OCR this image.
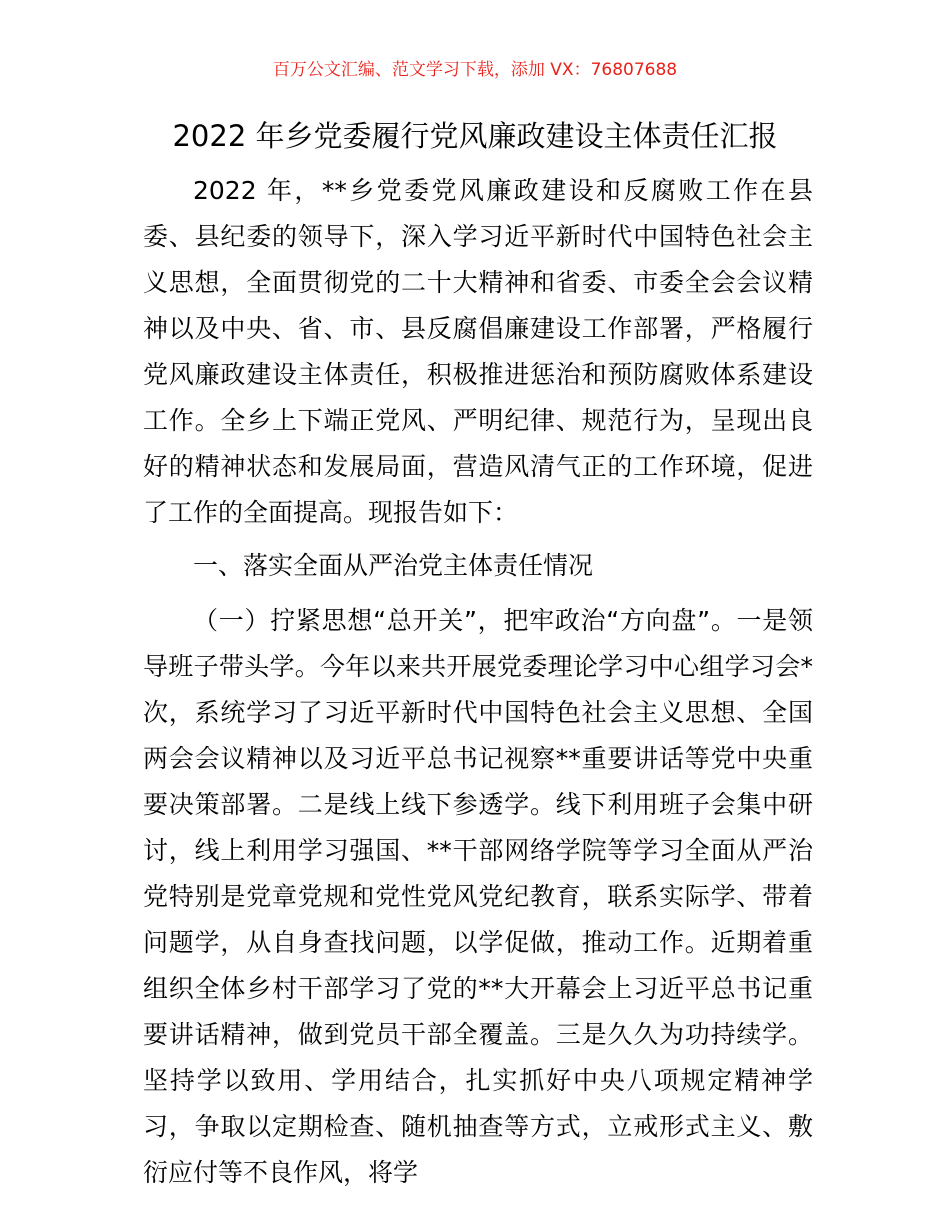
百万公文汇编、范文学习下载，添加 VX：76807688
2022 年乡党委履行党风廉政建设主体责任汇报

2022 年，**乡党委党风廉政建设和反腐败工作在县委、县纪委的领导下，深入学习近平新时代中国特色社会主义思想，全面贯彻党的二十大精神和省委、市委全会会议精神以及中央、省、市、县反腐倡廉建设工作部署，严格履行党风廉政建设主体责任，积极推进惩治和预防腐败体系建设工作。全乡上下端正党风、严明纪律、规范行为，呈现出良好的精神状态和发展局面，营造风清气正的工作环境，促进了工作的全面提高。现报告如下：

一、落实全面从严治党主体责任情况

（一）拧紧思想“总开关”，把牢政治“方向盘”。一是领导班子带头学。今年以来共开展党委理论学习中心组学习会*次，系统学习了习近平新时代中国特色社会主义思想、全国两会会议精神以及习近平总书记视察**重要讲话等党中央重要决策部署。二是线上线下参透学。线下利用班子会集中研讨，线上利用学习强国、**干部网络学院等学习全面从严治党特别是党章党规和党性党风党纪教育，联系实际学、带着问题学，从自身查找问题，以学促做，推动工作。近期着重组织全体乡村干部学习了党的**大开幕会上习近平总书记重要讲话精神，做到党员干部全覆盖。三是久久为功持续学。坚持学以致用、学用结合，扎实抓好中央八项规定精神学习，争取以定期检查、随机抽查等方式，立戒形式主义、敷衍应付等不良作风，将学
